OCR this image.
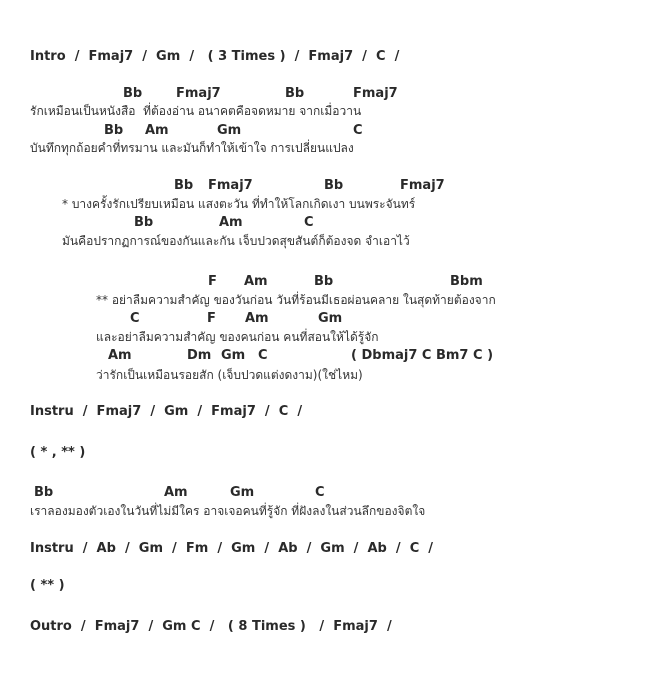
Intro  /  Fmaj7  /  Gm  /   ( 3 Times )  /  Fmaj7  /  C  /
Bb	Fmaj7	Bb	Fmaj7
รักเหมือนเป็นหนังสือ  ที่ต้องอ่าน อนาคตคือจดหมาย จากเมื่อวาน
Bb Am	Gm	C
บันทึกทุกถ้อยคำที่ทรมาน และมันก็ทำให้เข้าใจ การเปลี่ยนแปลง
Bb Fmaj7	Bb	Fmaj7
* บางครั้งรักเปรียบเหมือน แสงตะวัน ที่ทำให้โลกเกิดเงา บนพระจันทร์
Bb	Am	C
มันคือปรากฏการณ์ของกันและกัน เจ็บปวดสุขสันต์ก็ต้องจด จำเอาไว้
F Am	Bb	Bbm
** อย่าลืมความสำคัญ ของวันก่อน วันที่ร้อนมีเธอผ่อนคลาย ในสุดท้ายต้องจาก
C	F Am	Gm
และอย่าลืมความสำคัญ ของคนก่อน คนที่สอนให้ได้รู้จัก
Am	Dm Gm C	( Dbmaj7 C Bm7 C )
ว่ารักเป็นเหมือนรอยสัก (เจ็บปวดแต่งดงาม)(ใช่ไหม)
Instru  /  Fmaj7  /  Gm  /  Fmaj7  /  C  /
( * , ** )
Bb	Am	Gm	C
เราลองมองตัวเองในวันที่ไม่มีใคร อาจเจอคนที่รู้จัก ที่ฝังลงในส่วนลึกของจิตใจ
Instru  /  Ab  /  Gm  /  Fm  /  Gm  /  Ab  /  Gm  /  Ab  /  C  /
( ** )
Outro  /  Fmaj7  /  Gm C  /   ( 8 Times )   /  Fmaj7  /
